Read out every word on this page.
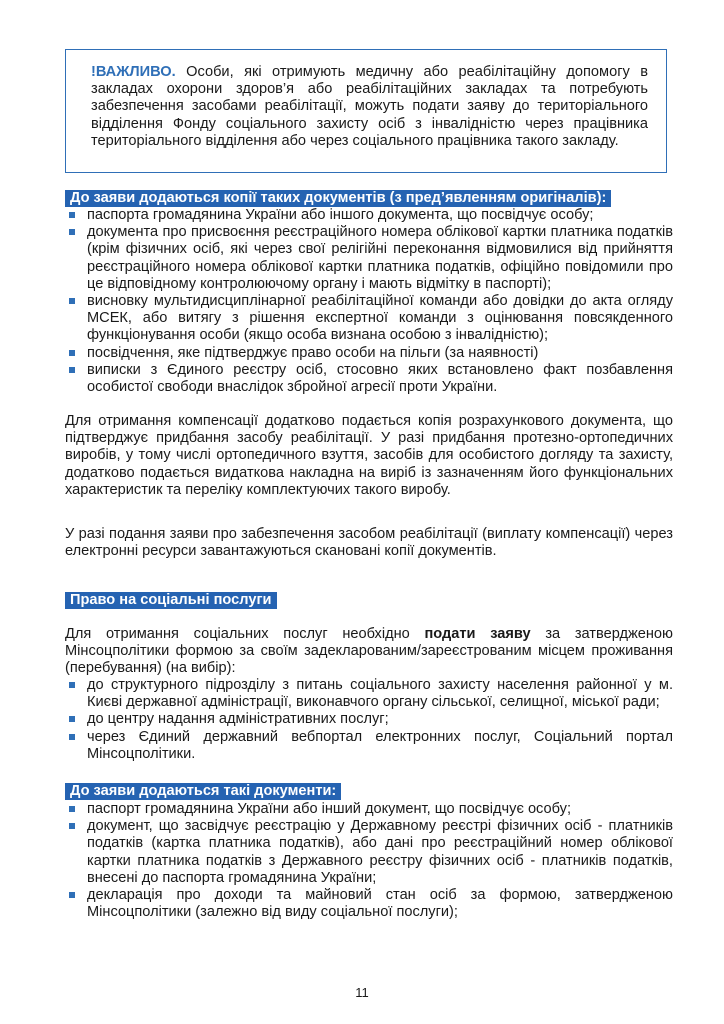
!ВАЖЛИВО. Особи, які отримують медичну або реабілітаційну допомогу в закладах охорони здоров’я або реабілітаційних закладах та потребують забезпечення засобами реабілітації, можуть подати заяву до територіального відділення Фонду соціального захисту осіб з інвалідністю через працівника територіального відділення або через соціального працівника такого закладу.
До заяви додаються копії таких документів (з пред’явленням оригіналів):
паспорта громадянина України або іншого документа, що посвідчує особу;
документа про присвоєння реєстраційного номера облікової картки платника податків (крім фізичних осіб, які через свої релігійні переконання відмовилися від прийняття реєстраційного номера облікової картки платника податків, офіційно повідомили про це відповідному контролюючому органу і мають відмітку в паспорті);
висновку мультидисциплінарної реабілітаційної команди або довідки до акта огляду МСЕК, або витягу з рішення експертної команди з оцінювання повсякденного функціонування особи (якщо особа визнана особою з інвалідністю);
посвідчення, яке підтверджує право особи на пільги (за наявності)
виписки з Єдиного реєстру осіб, стосовно яких встановлено факт позбавлення особистої свободи внаслідок збройної агресії проти України.

Для отримання компенсації додатково подається копія розрахункового документа, що підтверджує придбання засобу реабілітації. У разі придбання протезно-ортопедичних виробів, у тому числі ортопедичного взуття, засобів для особистого догляду та захисту, додатково подається видаткова накладна на виріб із зазначенням його функціональних характеристик та переліку комплектуючих такого виробу.

У разі подання заяви про забезпечення засобом реабілітації (виплату компенсації) через електронні ресурси завантажуються скановані копії документів.

Право на соціальні послуги

Для отримання соціальних послуг необхідно подати заяву за затвердженою Мінсоцполітики формою за своїм задекларованим/зареєстрованим місцем проживання (перебування) (на вибір):

до структурного підрозділу з питань соціального захисту населення районної у м. Києві державної адміністрації, виконавчого органу сільської, селищної, міської ради;
до центру надання адміністративних послуг;
через Єдиний державний вебпортал електронних послуг, Соціальний портал Мінсоцполітики.
До заяви додаються такі документи:
паспорт громадянина України або інший документ, що посвідчує особу;
документ, що засвідчує реєстрацію у Державному реєстрі фізичних осіб - платників податків (картка платника податків), або дані про реєстраційний номер облікової картки платника податків з Державного реєстру фізичних осіб - платників податків, внесені до паспорта громадянина України;
декларація про доходи та майновий стан осіб за формою, затвердженою Мінсоцполітики (залежно від виду соціальної послуги);
11
